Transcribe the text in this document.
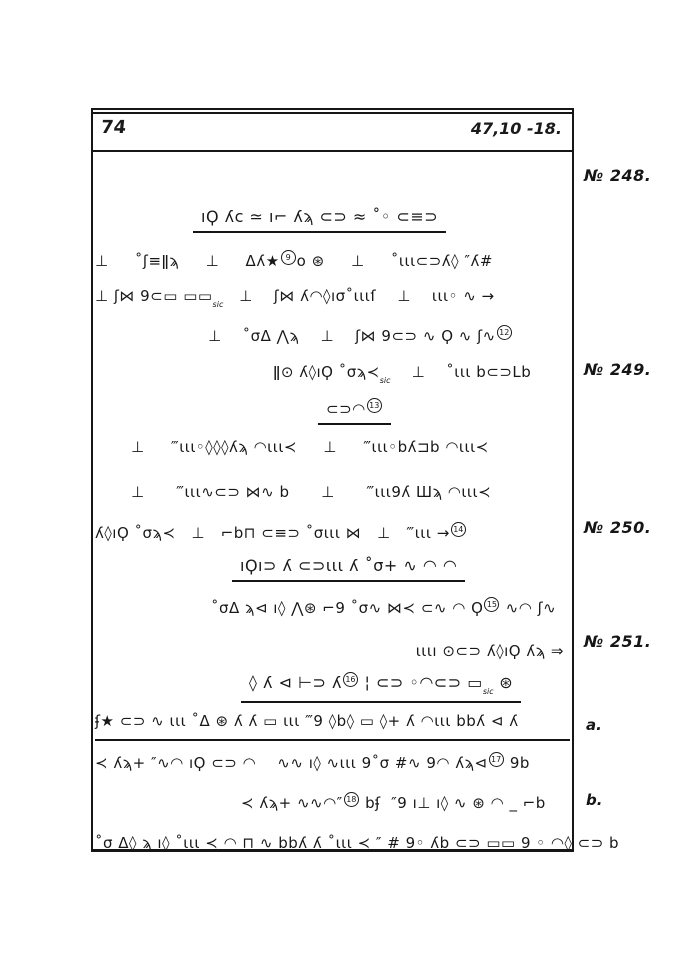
74	47,10 -18.
ıϘ ʎc ≃ ı⌐ ʎϡ ⊂⊃ ≈ ˚◦ ⊂≡⊃
⊥     ˚ʃ≡ǁϡ     ⊥     Δʎ★ 9 ο ⊛     ⊥     ˚ιιι⊂⊃ʎ◊ ″ʎ#
⊥ ʃ⋈ 9⊂▭ $▭▭_{sic}$   ⊥    ʃ⋈ ʎ◠◊ıσ˚ιιιſ    ⊥    ιιι◦ ∿ →
⊥    ˚σΔ ⋀ϡ    ⊥    ʃ⋈ 9⊂⊃ ∿ Ϙ ∿ ʃ∿ 12
ǁ⊙ ʎ◊ıϘ $˚\sigma ϡ≺_{sic}$    ⊥    ˚ιιι b⊂⊃Lb
⊂⊃◠ 13
⊥     ‴ιιι◦◊◊◊ʎϡ ◠ιιι≺     ⊥     ‴ιιι◦bʎ⊐b ◠ιιι≺
⊥      ‴ιιι∿⊂⊃ ⋈∿ b      ⊥      ‴ιιι9ʎ Шϡ ◠ιιι≺
ʎ◊ıϘ ˚σϡ≺   ⊥   ⌐b⊓ ⊂≡⊃ ˚σιιι ⋈   ⊥   ‴ιιι → 14
ıϘı⊃ ʎ ⊂⊃ιιι ʎ ˚σ+ ∿ ◠ ◠
˚σΔ ϡ⊲ ı◊ ⋀⊛ ⌐9 ˚σ∿ ⋈≺ ⊂∿ ◠ Ϙ 15 ∿◠ ʃ∿
ιιιı ⊙⊂⊃ ʎ◊ıϘ ʎϡ ⇒
◊ ʎ ⊲ ⊢⊃ ʎ 16 ¦ ⊂⊃ ◦◠⊂⊃ $▭_{sic}$ ⊛
ʄ★ ⊂⊃ ∿ ιιι ˚Δ ⊛ ʎ ʎ ▭ ιιι ‴9 ◊b◊ ▭ ◊+ ʎ ◠ιιι bbʎ ⊲ ʎ
≺ ʎϡ+ ″∿◠ ıϘ ⊂⊃ ◠    ∿∿ ı◊ ∿ιιι 9˚σ #∿ 9◠ ʎϡ⊲ 17 9b
≺ ʎϡ+ ∿∿◠″ 18 bʄ  ″9 ı⊥ ı◊ ∿ ⊛ ◠ _ ⌐b
˚σ Δ◊ ϡ ı◊ ˚ιιι ≺ ◠ ⊓ ∿ bbʎ ʎ ˚ιιι ≺ ″ # 9◦ ʎb ⊂⊃ ▭▭ 9 ◦ ◠◊ ⊂⊃ b
№ 248.
№ 249.
№ 250.
№ 251.
a.
b.
